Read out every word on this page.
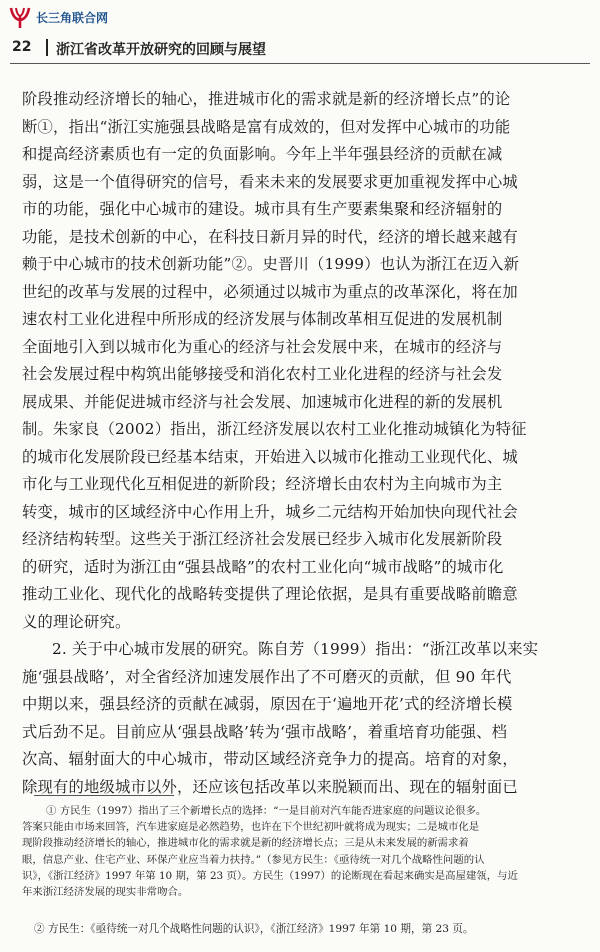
长三角联合网
22 浙江省改革开放研究的回顾与展望
阶段推动经济增长的轴心，推进城市化的需求就是新的经济增长点”的论
断①，指出“浙江实施强县战略是富有成效的，但对发挥中心城市的功能
和提高经济素质也有一定的负面影响。今年上半年强县经济的贡献在减
弱，这是一个值得研究的信号，看来未来的发展要求更加重视发挥中心城
市的功能，强化中心城市的建设。城市具有生产要素集聚和经济辐射的
功能，是技术创新的中心，在科技日新月异的时代，经济的增长越来越有
赖于中心城市的技术创新功能”②。史晋川（1999）也认为浙江在迈入新
世纪的改革与发展的过程中，必须通过以城市为重点的改革深化，将在加
速农村工业化进程中所形成的经济发展与体制改革相互促进的发展机制
全面地引入到以城市化为重心的经济与社会发展中来，在城市的经济与
社会发展过程中构筑出能够接受和消化农村工业化进程的经济与社会发
展成果、并能促进城市经济与社会发展、加速城市化进程的新的发展机
制。朱家良（2002）指出，浙江经济发展以农村工业化推动城镇化为特征
的城市化发展阶段已经基本结束，开始进入以城市化推动工业现代化、城
市化与工业现代化互相促进的新阶段；经济增长由农村为主向城市为主
转变，城市的区域经济中心作用上升，城乡二元结构开始加快向现代社会
经济结构转型。这些关于浙江经济社会发展已经步入城市化发展新阶段
的研究，适时为浙江由“强县战略”的农村工业化向“城市战略”的城市化
推动工业化、现代化的战略转变提供了理论依据，是具有重要战略前瞻意
义的理论研究。
2. 关于中心城市发展的研究。陈自芳（1999）指出：“浙江改革以来实
施‘强县战略’，对全省经济加速发展作出了不可磨灭的贡献，但 90 年代
中期以来，强县经济的贡献在减弱，原因在于‘遍地开花’式的经济增长模
式后劲不足。目前应从‘强县战略’转为‘强市战略’，着重培育功能强、档
次高、辐射面大的中心城市，带动区域经济竞争力的提高。培育的对象，
除现有的地级城市以外，还应该包括改革以来脱颖而出、现在的辐射面已
① 方民生（1997）指出了三个新增长点的选择：“一是目前对汽车能否进家庭的问题议论很多。
答案只能由市场来回答，汽车进家庭是必然趋势，也许在下个世纪初叶就将成为现实；二是城市化是
现阶段推动经济增长的轴心，推进城市化的需求就是新的经济增长点；三是从未来发展的新需求着
眼，信息产业、住宅产业、环保产业应当着力扶持。”（参见方民生：《亟待统一对几个战略性问题的认
识》，《浙江经济》1997 年第 10 期，第 23 页）。方民生（1997）的论断现在看起来确实是高屋建瓴，与近
年来浙江经济发展的现实非常吻合。
② 方民生：《亟待统一对几个战略性问题的认识》，《浙江经济》1997 年第 10 期，第 23 页。
